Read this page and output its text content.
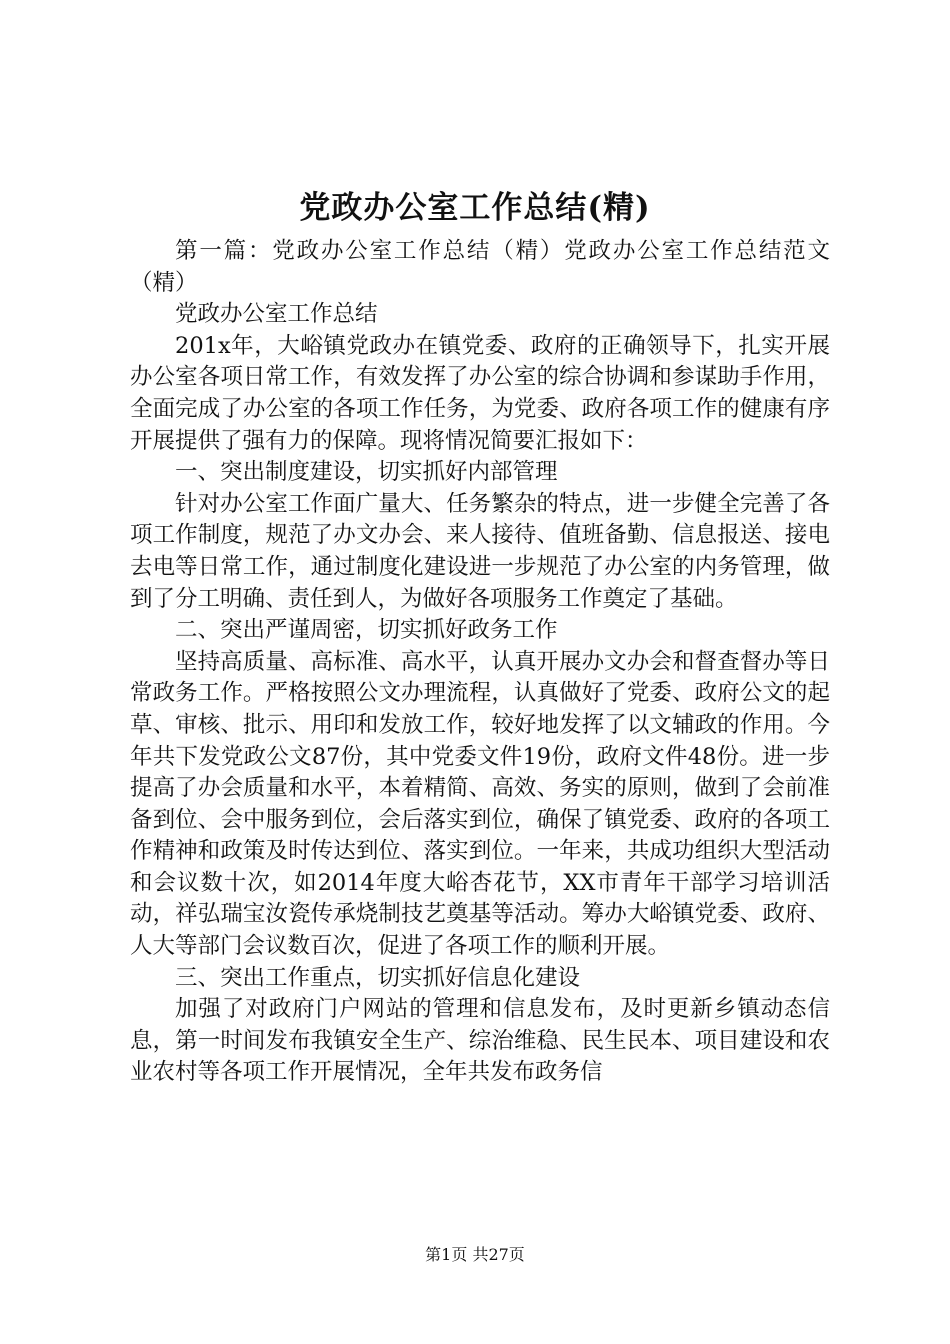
党政办公室工作总结(精)

第一篇：党政办公室工作总结（精）党政办公室工作总结范文（精）

党政办公室工作总结

201x年，大峪镇党政办在镇党委、政府的正确领导下，扎实开展办公室各项日常工作，有效发挥了办公室的综合协调和参谋助手作用，全面完成了办公室的各项工作任务，为党委、政府各项工作的健康有序开展提供了强有力的保障。现将情况简要汇报如下：

一、突出制度建设，切实抓好内部管理

针对办公室工作面广量大、任务繁杂的特点，进一步健全完善了各项工作制度，规范了办文办会、来人接待、值班备勤、信息报送、接电去电等日常工作，通过制度化建设进一步规范了办公室的内务管理，做到了分工明确、责任到人，为做好各项服务工作奠定了基础。

二、突出严谨周密，切实抓好政务工作

坚持高质量、高标准、高水平，认真开展办文办会和督查督办等日常政务工作。严格按照公文办理流程，认真做好了党委、政府公文的起草、审核、批示、用印和发放工作，较好地发挥了以文辅政的作用。今年共下发党政公文87份，其中党委文件19份，政府文件48份。进一步提高了办会质量和水平，本着精简、高效、务实的原则，做到了会前准备到位、会中服务到位，会后落实到位，确保了镇党委、政府的各项工作精神和政策及时传达到位、落实到位。一年来，共成功组织大型活动和会议数十次，如2014年度大峪杏花节，XX市青年干部学习培训活动，祥弘瑞宝汝瓷传承烧制技艺奠基等活动。筹办大峪镇党委、政府、人大等部门会议数百次，促进了各项工作的顺利开展。

三、突出工作重点，切实抓好信息化建设

加强了对政府门户网站的管理和信息发布，及时更新乡镇动态信息，第一时间发布我镇安全生产、综治维稳、民生民本、项目建设和农业农村等各项工作开展情况，全年共发布政务信

第1页 共27页
